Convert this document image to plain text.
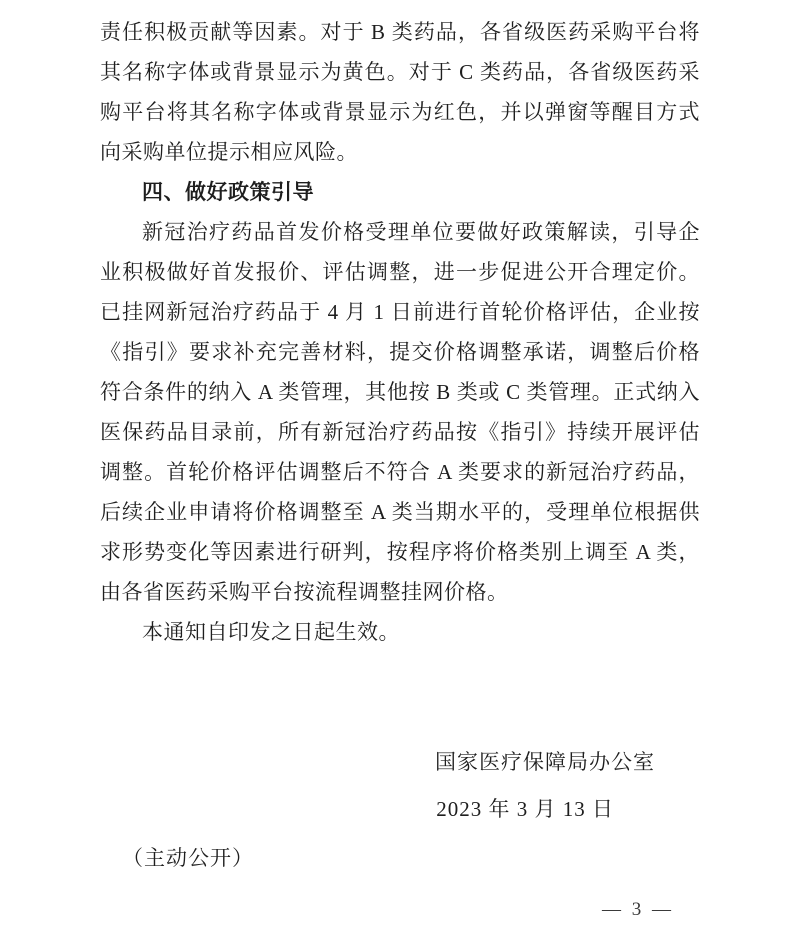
责任积极贡献等因素。对于 B 类药品，各省级医药采购平台将其名称字体或背景显示为黄色。对于 C 类药品，各省级医药采购平台将其名称字体或背景显示为红色，并以弹窗等醒目方式向采购单位提示相应风险。

四、做好政策引导

新冠治疗药品首发价格受理单位要做好政策解读，引导企业积极做好首发报价、评估调整，进一步促进公开合理定价。已挂网新冠治疗药品于 4 月 1 日前进行首轮价格评估，企业按《指引》要求补充完善材料，提交价格调整承诺，调整后价格符合条件的纳入 A 类管理，其他按 B 类或 C 类管理。正式纳入医保药品目录前，所有新冠治疗药品按《指引》持续开展评估调整。首轮价格评估调整后不符合 A 类要求的新冠治疗药品，后续企业申请将价格调整至 A 类当期水平的，受理单位根据供求形势变化等因素进行研判，按程序将价格类别上调至 A 类，由各省医药采购平台按流程调整挂网价格。

本通知自印发之日起生效。

国家医疗保障局办公室

2023 年 3 月 13 日

（主动公开）

— 3 —
